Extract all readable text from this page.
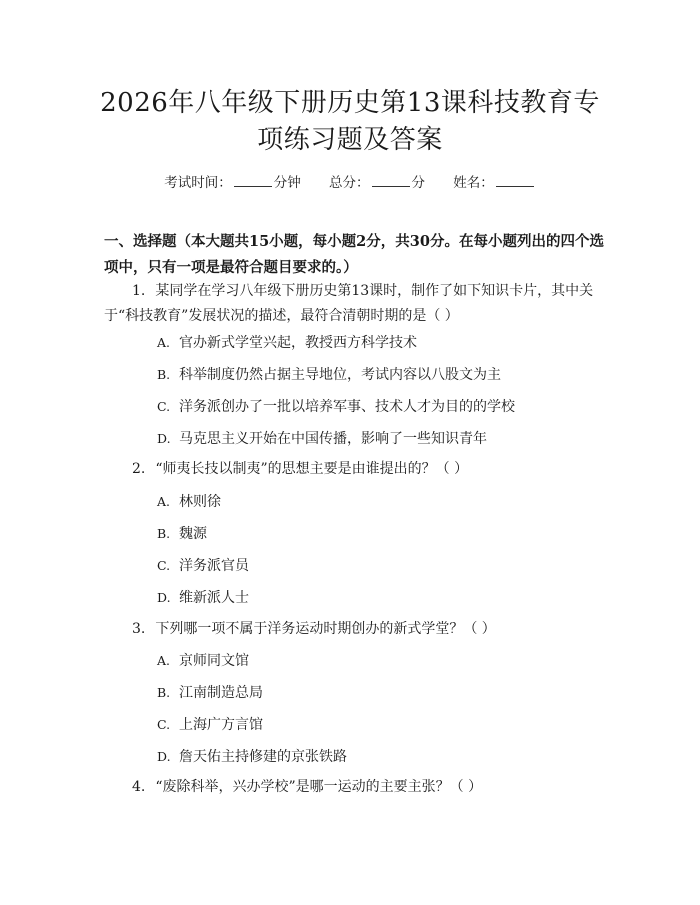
2026年八年级下册历史第13课科技教育专
项练习题及答案
考试时间：	分钟 总分：	分 姓名：
一、选择题（本大题共15小题，每小题2分，共30分。在每小题列出的四个选项中，只有一项是最符合题目要求的。）
1. 某同学在学习八年级下册历史第13课时，制作了如下知识卡片，其中关于“科技教育”发展状况的描述，最符合清朝时期的是（ ）
A. 官办新式学堂兴起，教授西方科学技术
B. 科举制度仍然占据主导地位，考试内容以八股文为主
C. 洋务派创办了一批以培养军事、技术人才为目的的学校
D. 马克思主义开始在中国传播，影响了一些知识青年
2. “师夷长技以制夷”的思想主要是由谁提出的？（ ）
A. 林则徐
B. 魏源
C. 洋务派官员
D. 维新派人士
3. 下列哪一项不属于洋务运动时期创办的新式学堂？（ ）
A. 京师同文馆
B. 江南制造总局
C. 上海广方言馆
D. 詹天佑主持修建的京张铁路
4. “废除科举，兴办学校”是哪一运动的主要主张？（ ）
